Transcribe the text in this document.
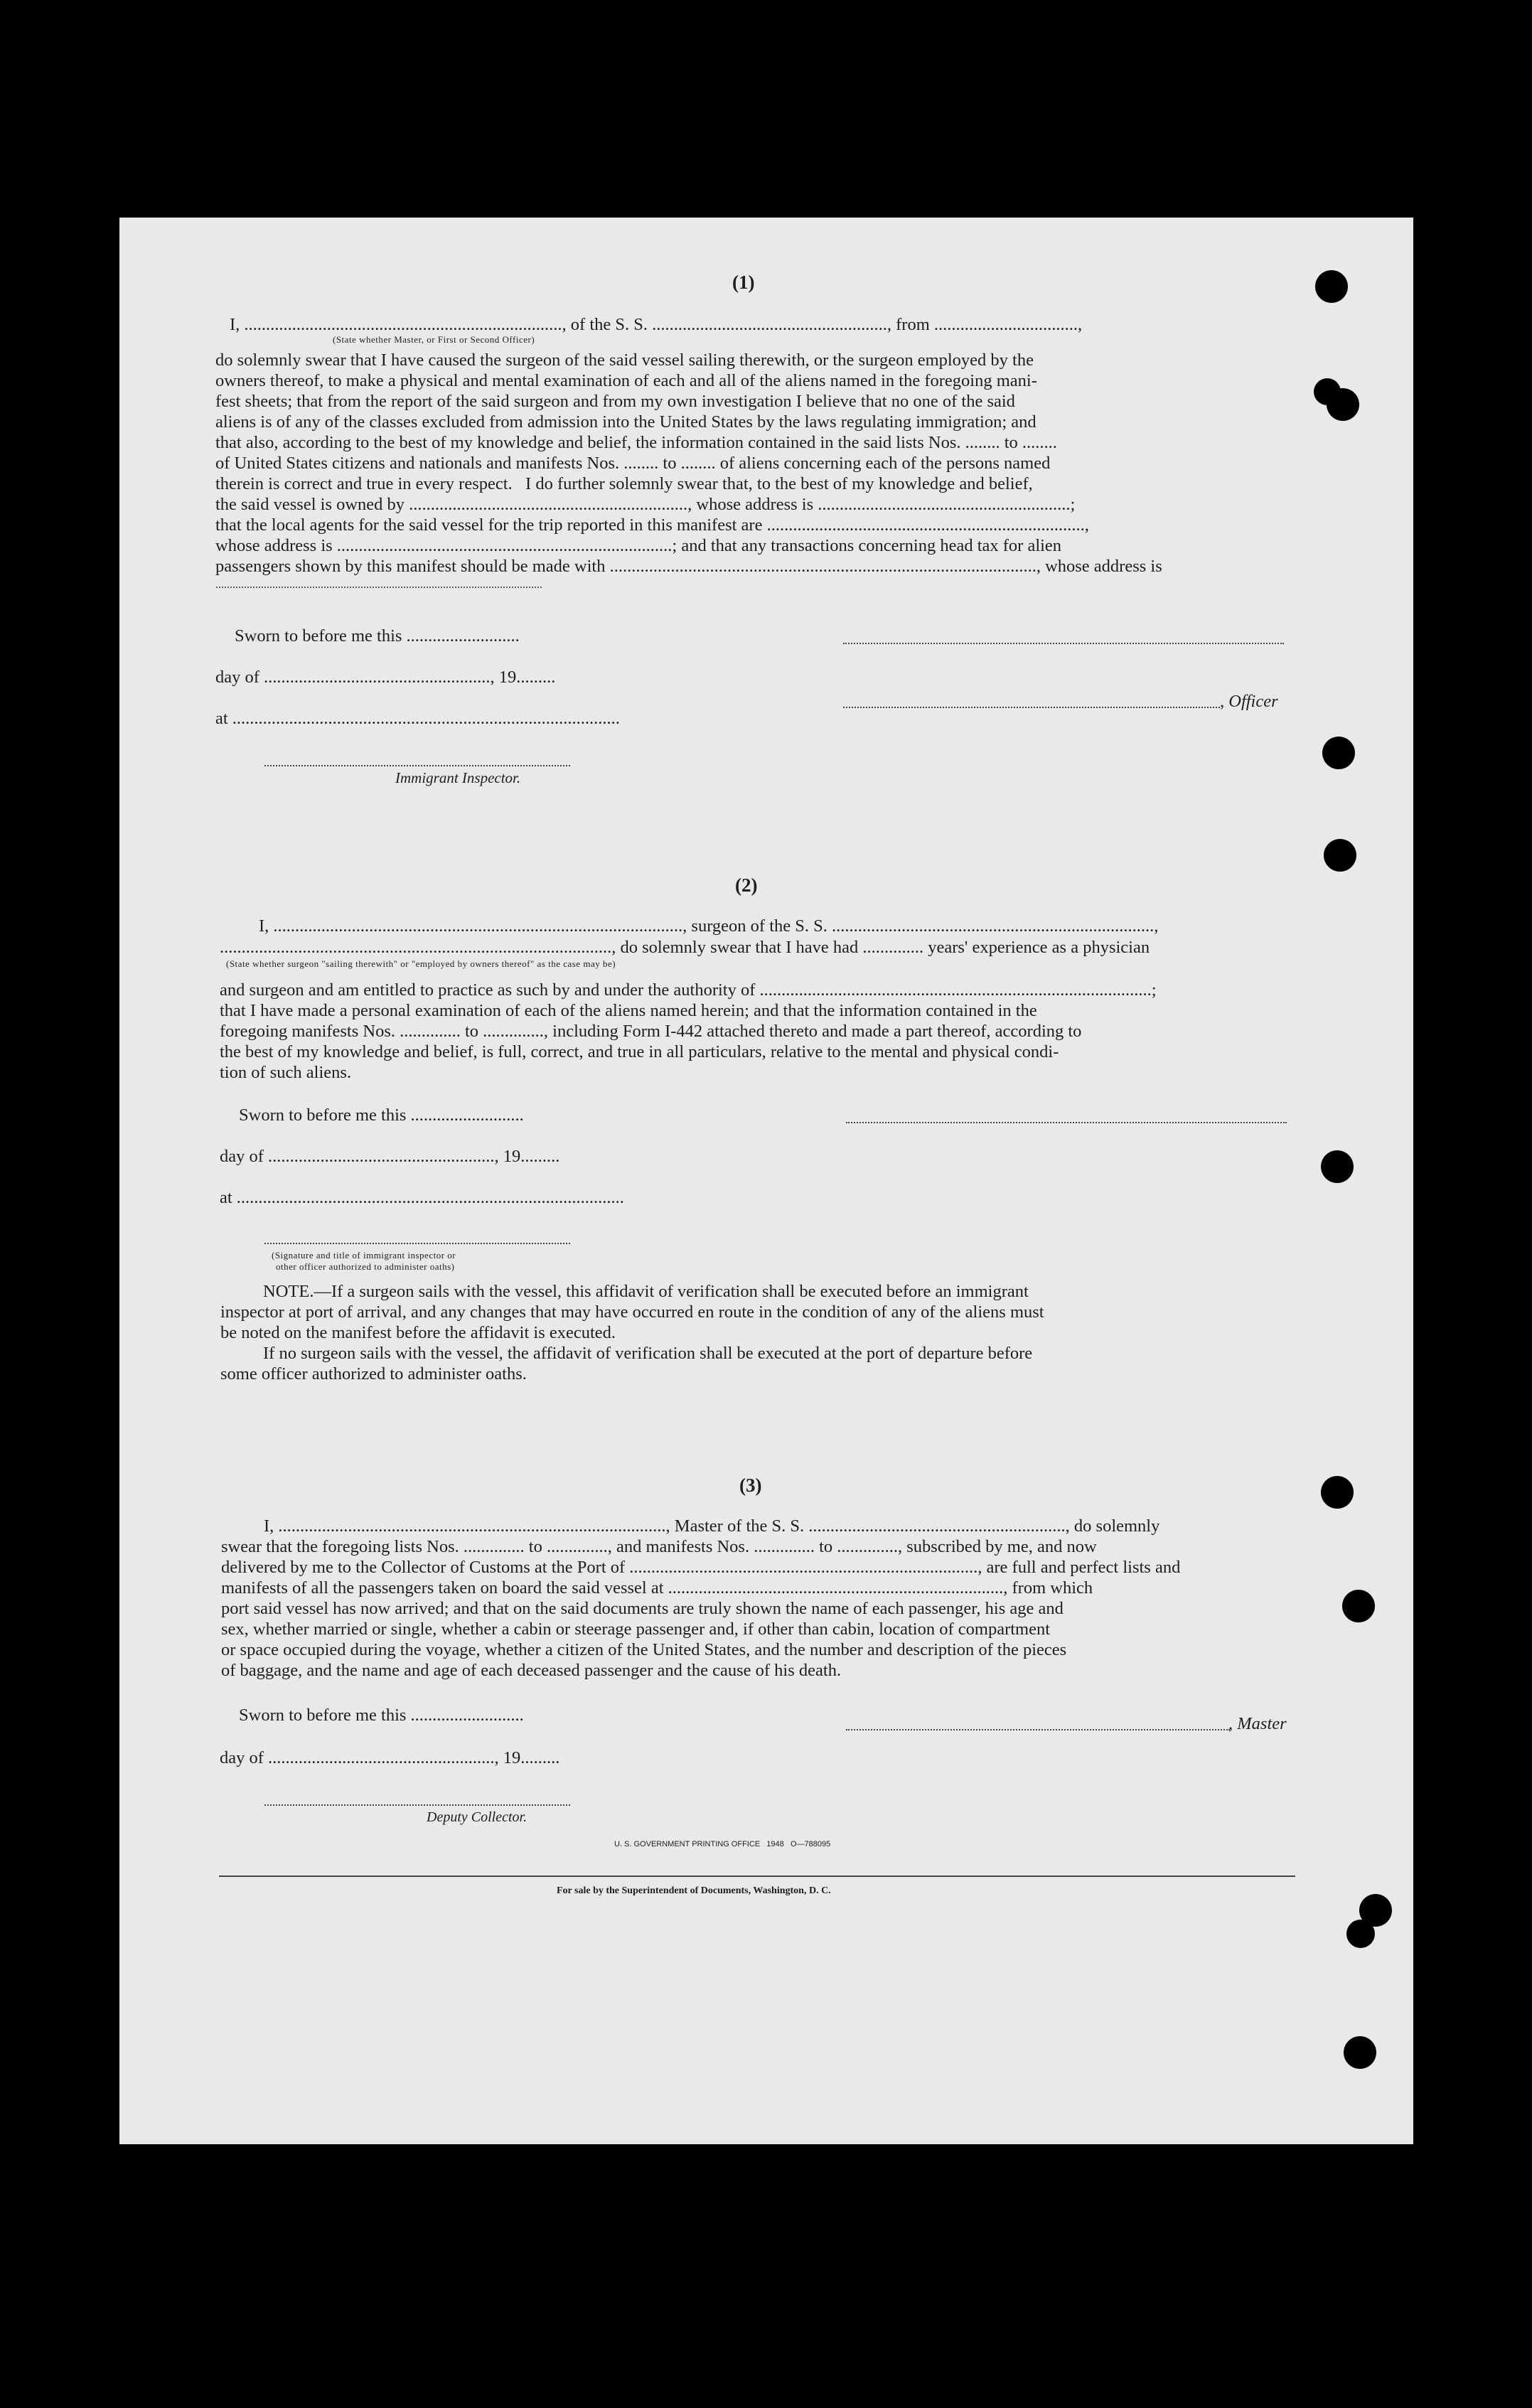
(1)
I, ........................................................................., of the S. S. ......................................................, from .................................,
(State whether Master, or First or Second Officer)
do solemnly swear that I have caused the surgeon of the said vessel sailing therewith, or the surgeon employed by the
owners thereof, to make a physical and mental examination of each and all of the aliens named in the foregoing mani-
fest sheets; that from the report of the said surgeon and from my own investigation I believe that no one of the said
aliens is of any of the classes excluded from admission into the United States by the laws regulating immigration; and
that also, according to the best of my knowledge and belief, the information contained in the said lists Nos. ........ to ........
of United States citizens and nationals and manifests Nos. ........ to ........ of aliens concerning each of the persons named
therein is correct and true in every respect.   I do further solemnly swear that, to the best of my knowledge and belief,
the said vessel is owned by ................................................................, whose address is ..........................................................;
that the local agents for the said vessel for the trip reported in this manifest are .........................................................................,
whose address is .............................................................................; and that any transactions concerning head tax for alien
passengers shown by this manifest should be made with .................................................................................................., whose address is
...................................................................................................................
Sworn to before me this ..........................
day of ...................................................., 19.........
at .........................................................................................
Immigrant Inspector.
, Officer
(2)
I, .............................................................................................., surgeon of the S. S. ..........................................................................,
.........................................................................................., do solemnly swear that I have had .............. years' experience as a physician
(State whether surgeon "sailing therewith" or "employed by owners thereof" as the case may be)
and surgeon and am entitled to practice as such by and under the authority of ..........................................................................................;
that I have made a personal examination of each of the aliens named herein; and that the information contained in the
foregoing manifests Nos. .............. to .............., including Form I-442 attached thereto and made a part thereof, according to
the best of my knowledge and belief, is full, correct, and true in all particulars, relative to the mental and physical condi-
tion of such aliens.
Sworn to before me this ..........................
day of ...................................................., 19.........
at .........................................................................................
(Signature and title of immigrant inspector or
other officer authorized to administer oaths)
NOTE.—If a surgeon sails with the vessel, this affidavit of verification shall be executed before an immigrant
inspector at port of arrival, and any changes that may have occurred en route in the condition of any of the aliens must
be noted on the manifest before the affidavit is executed.
If no surgeon sails with the vessel, the affidavit of verification shall be executed at the port of departure before
some officer authorized to administer oaths.
(3)
I, ........................................................................................., Master of the S. S. ..........................................................., do solemnly
swear that the foregoing lists Nos. .............. to .............., and manifests Nos. .............. to .............., subscribed by me, and now
delivered by me to the Collector of Customs at the Port of ................................................................................, are full and perfect lists and
manifests of all the passengers taken on board the said vessel at ............................................................................., from which
port said vessel has now arrived; and that on the said documents are truly shown the name of each passenger, his age and
sex, whether married or single, whether a cabin or steerage passenger and, if other than cabin, location of compartment
or space occupied during the voyage, whether a citizen of the United States, and the number and description of the pieces
of baggage, and the name and age of each deceased passenger and the cause of his death.
Sworn to before me this ..........................	, Master
day of ...................................................., 19.........
Deputy Collector.
U. S. GOVERNMENT PRINTING OFFICE   1948   O—788095
For sale by the Superintendent of Documents, Washington, D. C.
